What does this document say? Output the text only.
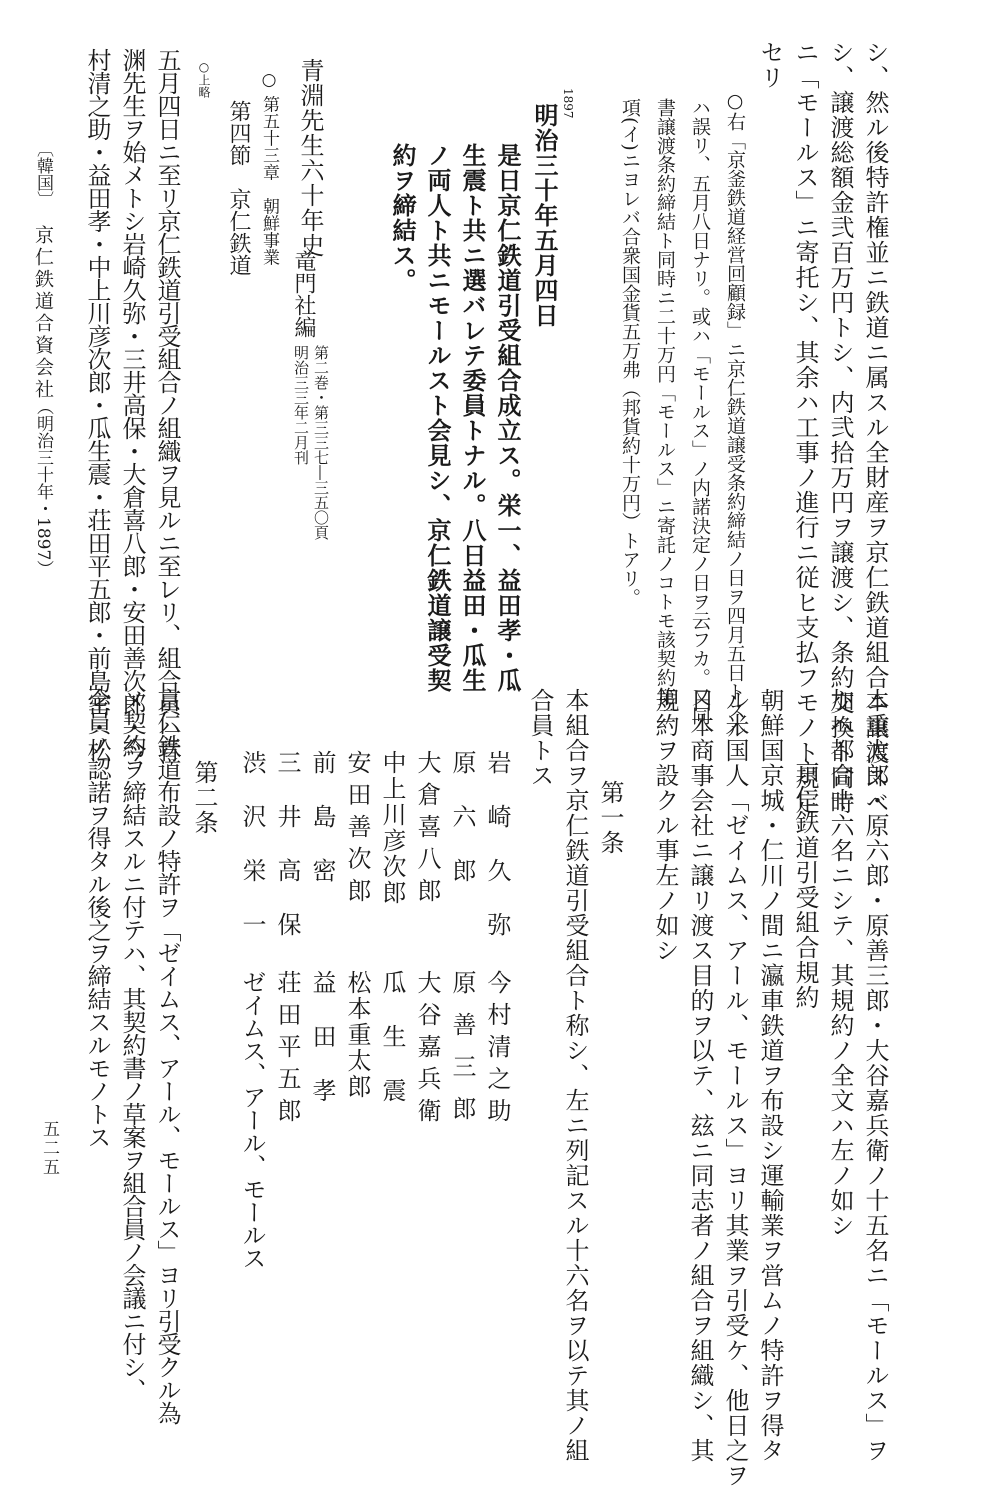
シ、然ル後特許権並ニ鉄道ニ属スル全財産ヲ京仁鉄道組合ニ譲渡スベ
シ、譲渡総額金弐百万円トシ、内弐拾万円ヲ譲渡シ、条約交換ト同時
ニ「モールス」ニ寄托シ、其余ハ工事ノ進行ニ従ヒ支払フモノト規定
セリ
○右「京釜鉄道経営回顧録」ニ京仁鉄道譲受条約締結ノ日ヲ四月五日トスル
ハ誤リ、五月八日ナリ。或ハ「モールス」ノ内諾決定ノ日ヲ云フカ。又同
書譲渡条約締結ト同時ニ二十万円「モールス」ニ寄託ノコトモ該契約第二
項(イ)ニヨレバ合衆国金貨五万弗（邦貨約十万円）トアリ。
1897
明治三十年五月四日
是日京仁鉄道引受組合成立ス。栄一、益田孝・瓜
生震ト共ニ選バレテ委員トナル。八日益田・瓜生
ノ両人ト共ニモールスト会見シ、京仁鉄道譲受契
約ヲ締結ス。
青淵先生六十年史
竜門社編
第二巻・第三三七―三五〇頁
明治三三年二月刊
○ 第五十三章　朝鮮事業
第四節　京仁鉄道
○上略
五月四日ニ至リ京仁鉄道引受組合ノ組織ヲ見ルニ至レリ、組合員ハ青
渊先生ヲ始メトシ岩崎久弥・三井高保・大倉喜八郎・安田善次郎・今
村清之助・益田孝・中上川彦次郎・瓜生震・荘田平五郎・前島密・松
〔韓国〕
京仁鉄道合資会社
（明治三十年・1897）
本重太郎・原六郎・原善三郎・大谷嘉兵衛ノ十五名ニ「モールス」ヲ
加ヘ都合十六名ニシテ、其規約ノ全文ハ左ノ如シ
京仁鉄道引受組合規約
朝鮮国京城・仁川ノ間ニ瀛車鉄道ヲ布設シ運輸業ヲ営ムノ特許ヲ得タ
ル米国人「ゼイムス、アール、モールス」ヨリ其業ヲ引受ケ、他日之ヲ
日本商事会社ニ譲リ渡ス目的ヲ以テ、玆ニ同志者ノ組合ヲ組織シ、其
規約ヲ設クル事左ノ如シ
第一条
本組合ヲ京仁鉄道引受組合ト称シ、左ニ列記スル十六名ヲ以テ其ノ組
合員トス
岩崎久弥
原六郎
大倉喜八郎
中上川彦次郎
安田善次郎
前島密
三井高保
渋沢栄一
今村清之助
原善三郎
大谷嘉兵衛
瓜生震
松本重太郎
益田孝
荘田平五郎
ゼイムス、アール、モールス
第二条
京仁鉄道布設ノ特許ヲ「ゼイムス、アール、モールス」ヨリ引受クル為
メ契約ヲ締結スルニ付テハ、其契約書ノ草案ヲ組合員ノ会議ニ付シ、
全員ノ認諾ヲ得タル後之ヲ締結スルモノトス
五二五
